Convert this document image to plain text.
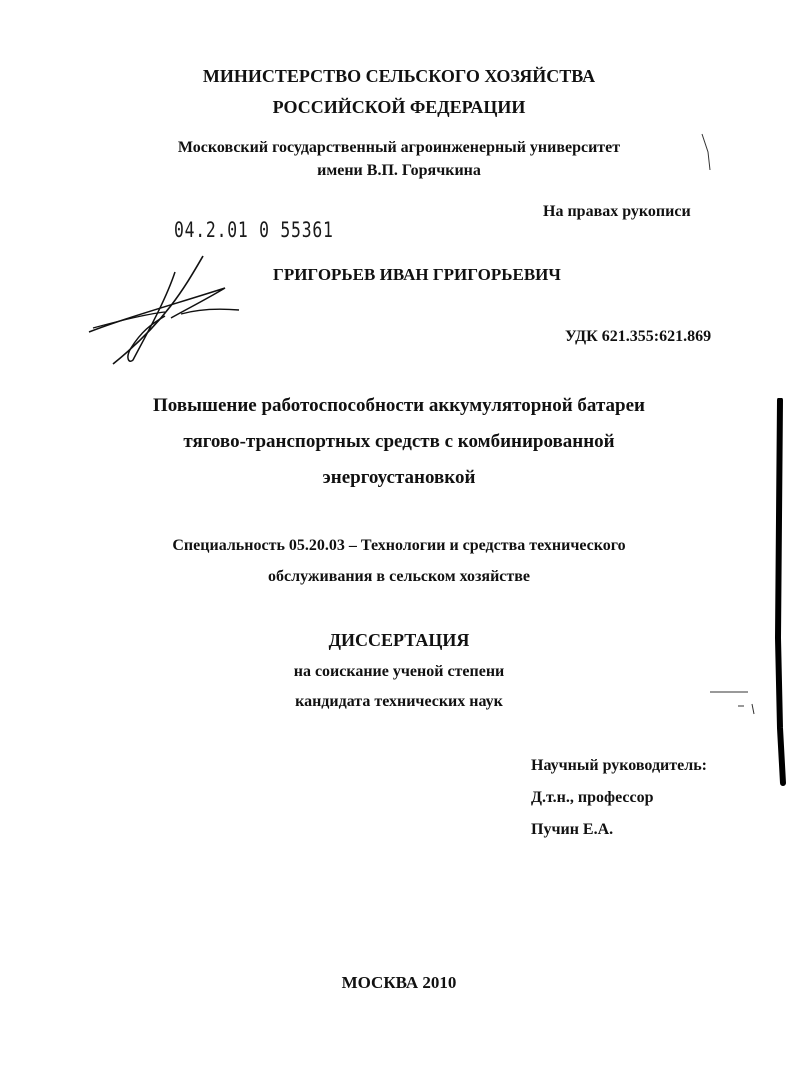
МИНИСТЕРСТВО СЕЛЬСКОГО ХОЗЯЙСТВА
РОССИЙСКОЙ ФЕДЕРАЦИИ
Московский государственный агроинженерный университет
имени В.П. Горячкина
На правах рукописи
04.2.01 0 55361
ГРИГОРЬЕВ ИВАН ГРИГОРЬЕВИЧ
УДК 621.355:621.869
Повышение работоспособности аккумуляторной батареи
тягово-транспортных средств с комбинированной
энергоустановкой
Специальность 05.20.03 – Технологии и средства технического
обслуживания в сельском хозяйстве
ДИССЕРТАЦИЯ
на соискание ученой степени
кандидата технических наук
Научный руководитель:
Д.т.н., профессор
Пучин Е.А.
МОСКВА 2010
